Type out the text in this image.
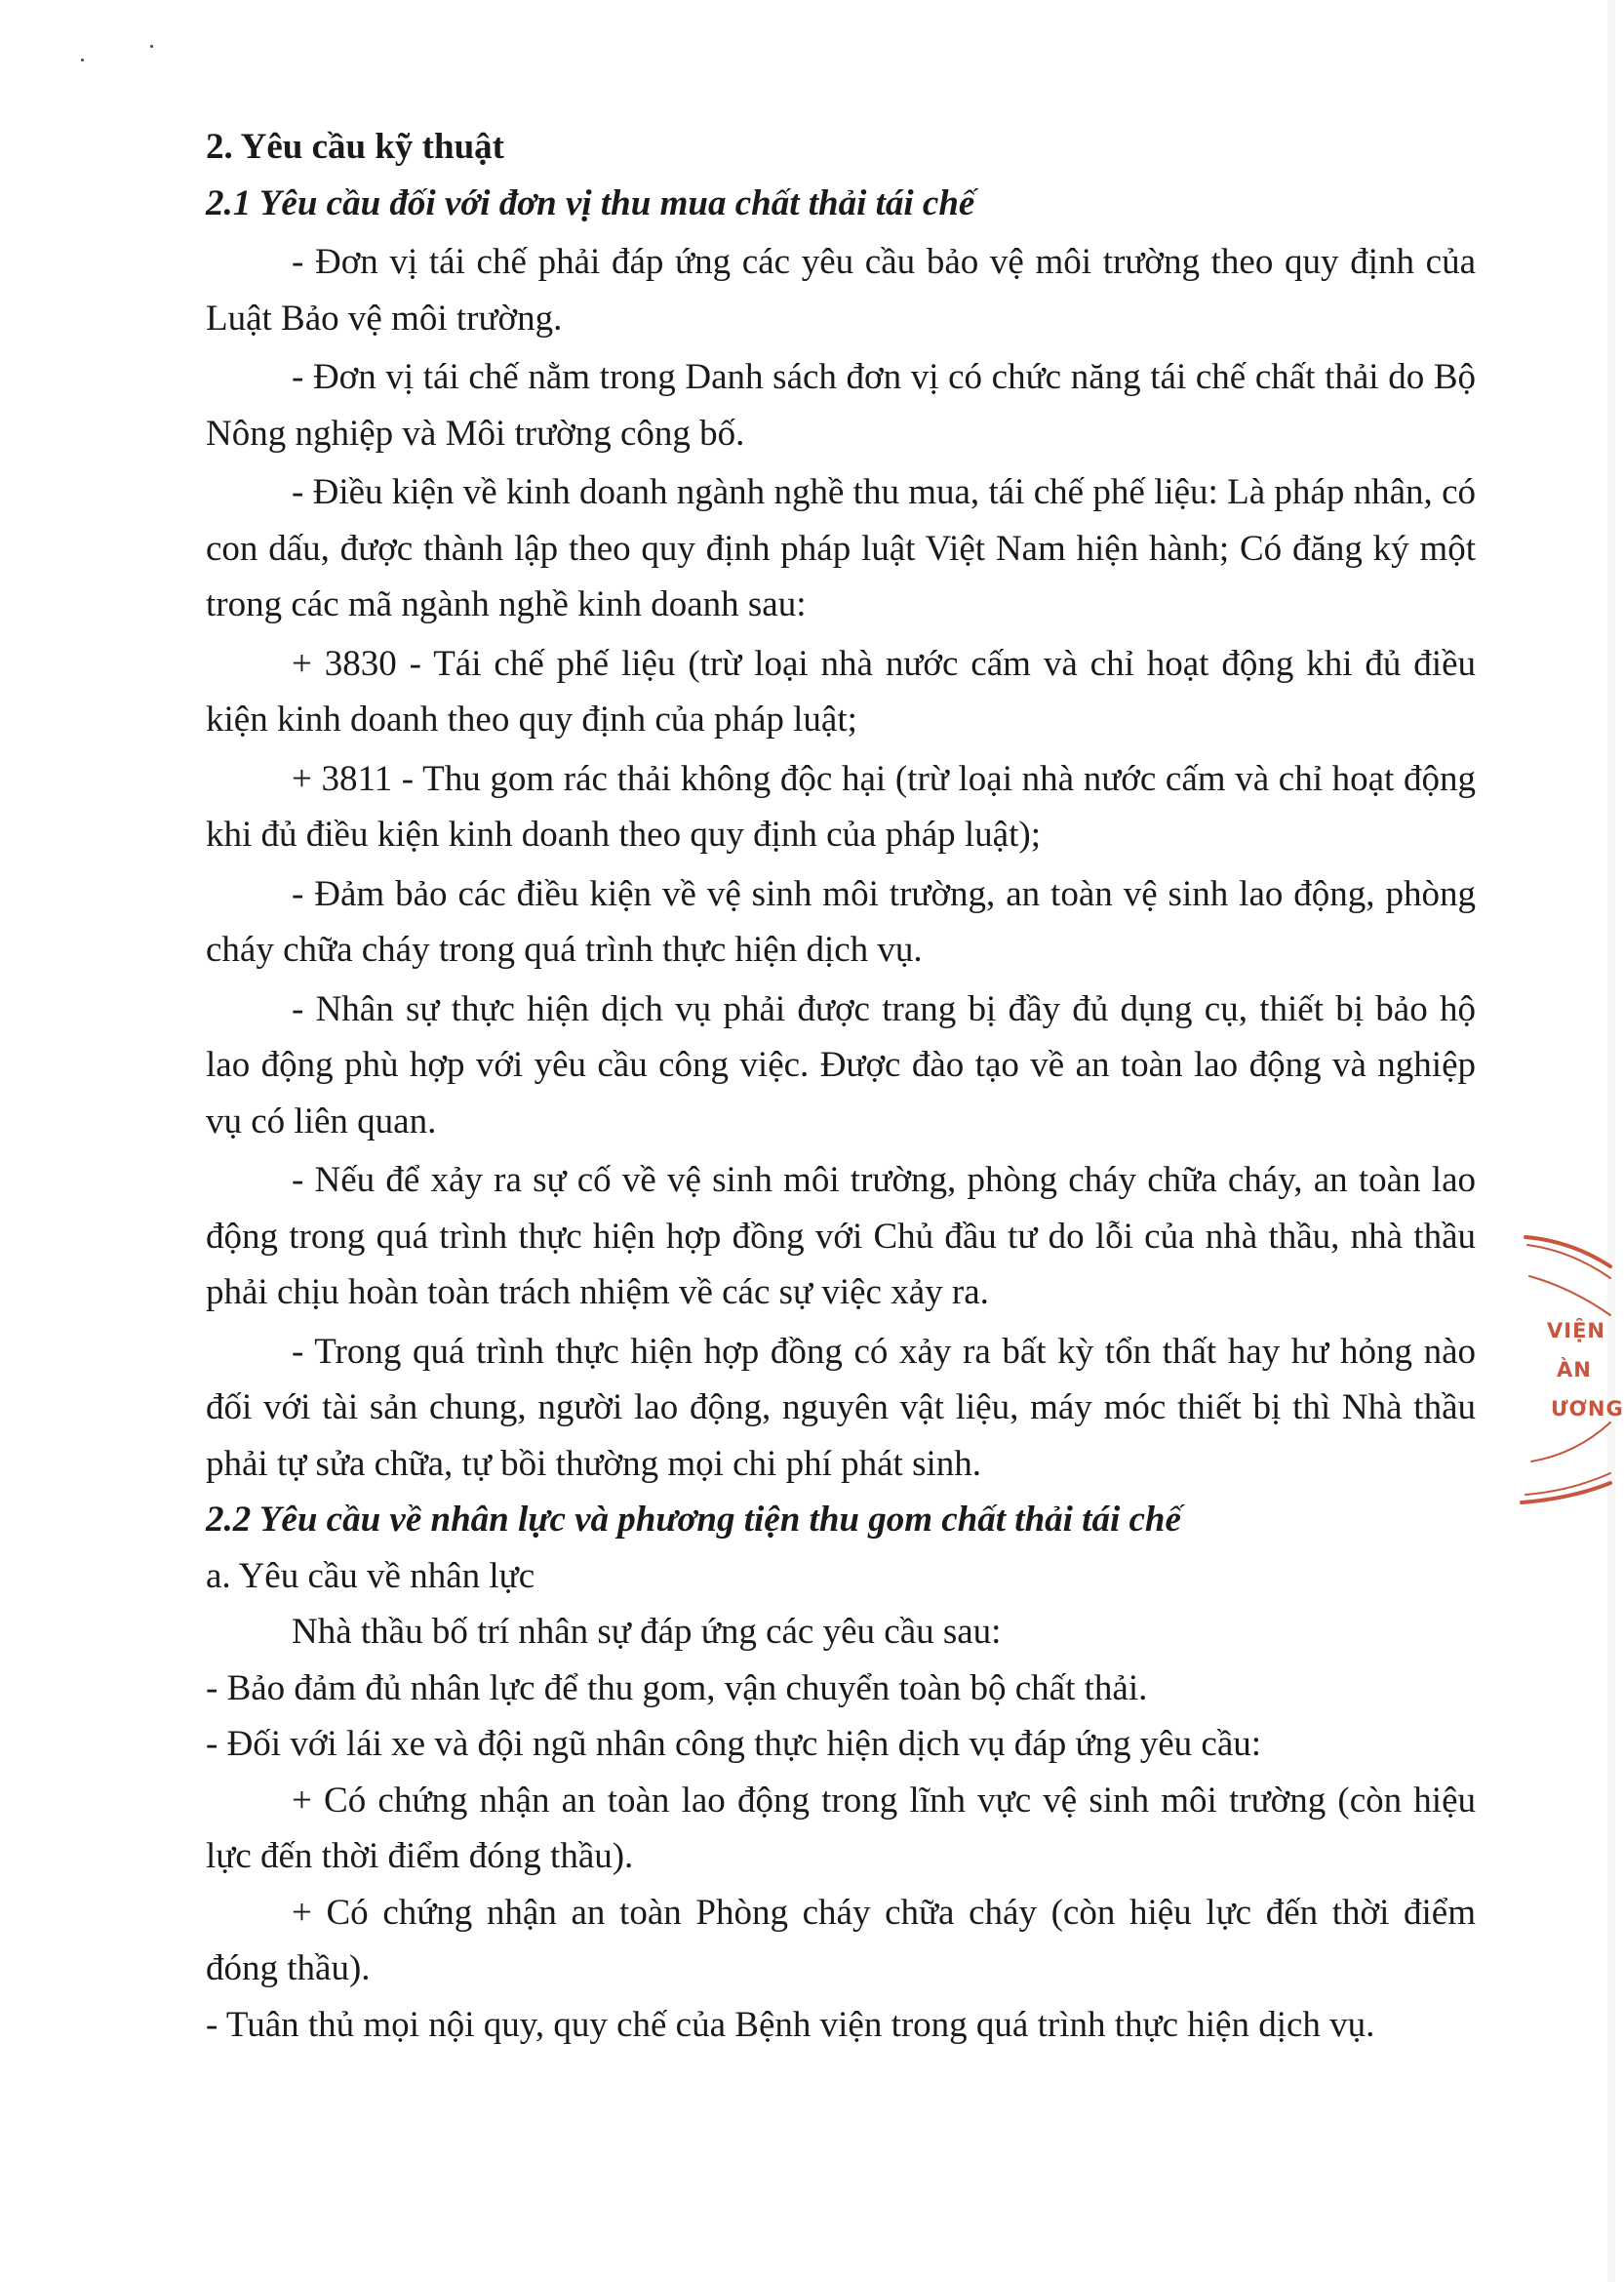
2. Yêu cầu kỹ thuật

2.1 Yêu cầu đối với đơn vị thu mua chất thải tái chế

- Đơn vị tái chế phải đáp ứng các yêu cầu bảo vệ môi trường theo quy định của Luật Bảo vệ môi trường.

- Đơn vị tái chế nằm trong Danh sách đơn vị có chức năng tái chế chất thải do Bộ Nông nghiệp và Môi trường công bố.

- Điều kiện về kinh doanh ngành nghề thu mua, tái chế phế liệu: Là pháp nhân, có con dấu, được thành lập theo quy định pháp luật Việt Nam hiện hành; Có đăng ký một trong các mã ngành nghề kinh doanh sau:

+ 3830 - Tái chế phế liệu (trừ loại nhà nước cấm và chỉ hoạt động khi đủ điều kiện kinh doanh theo quy định của pháp luật;

+ 3811 - Thu gom rác thải không độc hại (trừ loại nhà nước cấm và chỉ hoạt động khi đủ điều kiện kinh doanh theo quy định của pháp luật);

- Đảm bảo các điều kiện về vệ sinh môi trường, an toàn vệ sinh lao động, phòng cháy chữa cháy trong quá trình thực hiện dịch vụ.

- Nhân sự thực hiện dịch vụ phải được trang bị đầy đủ dụng cụ, thiết bị bảo hộ lao động phù hợp với yêu cầu công việc. Được đào tạo về an toàn lao động và nghiệp vụ có liên quan.

- Nếu để xảy ra sự cố về vệ sinh môi trường, phòng cháy chữa cháy, an toàn lao động trong quá trình thực hiện hợp đồng với Chủ đầu tư do lỗi của nhà thầu, nhà thầu phải chịu hoàn toàn trách nhiệm về các sự việc xảy ra.

- Trong quá trình thực hiện hợp đồng có xảy ra bất kỳ tổn thất hay hư hỏng nào đối với tài sản chung, người lao động, nguyên vật liệu, máy móc thiết bị thì Nhà thầu phải tự sửa chữa, tự bồi thường mọi chi phí phát sinh.

2.2 Yêu cầu về nhân lực và phương tiện thu gom chất thải tái chế

a. Yêu cầu về nhân lực

Nhà thầu bố trí nhân sự đáp ứng các yêu cầu sau:

- Bảo đảm đủ nhân lực để thu gom, vận chuyển toàn bộ chất thải.

- Đối với lái xe và đội ngũ nhân công thực hiện dịch vụ đáp ứng yêu cầu:

+ Có chứng nhận an toàn lao động trong lĩnh vực vệ sinh môi trường (còn hiệu lực đến thời điểm đóng thầu).

+ Có chứng nhận an toàn Phòng cháy chữa cháy (còn hiệu lực đến thời điểm đóng thầu).

- Tuân thủ mọi nội quy, quy chế của Bệnh viện trong quá trình thực hiện dịch vụ.

VIỆN
ÀN
ƯƠNG
